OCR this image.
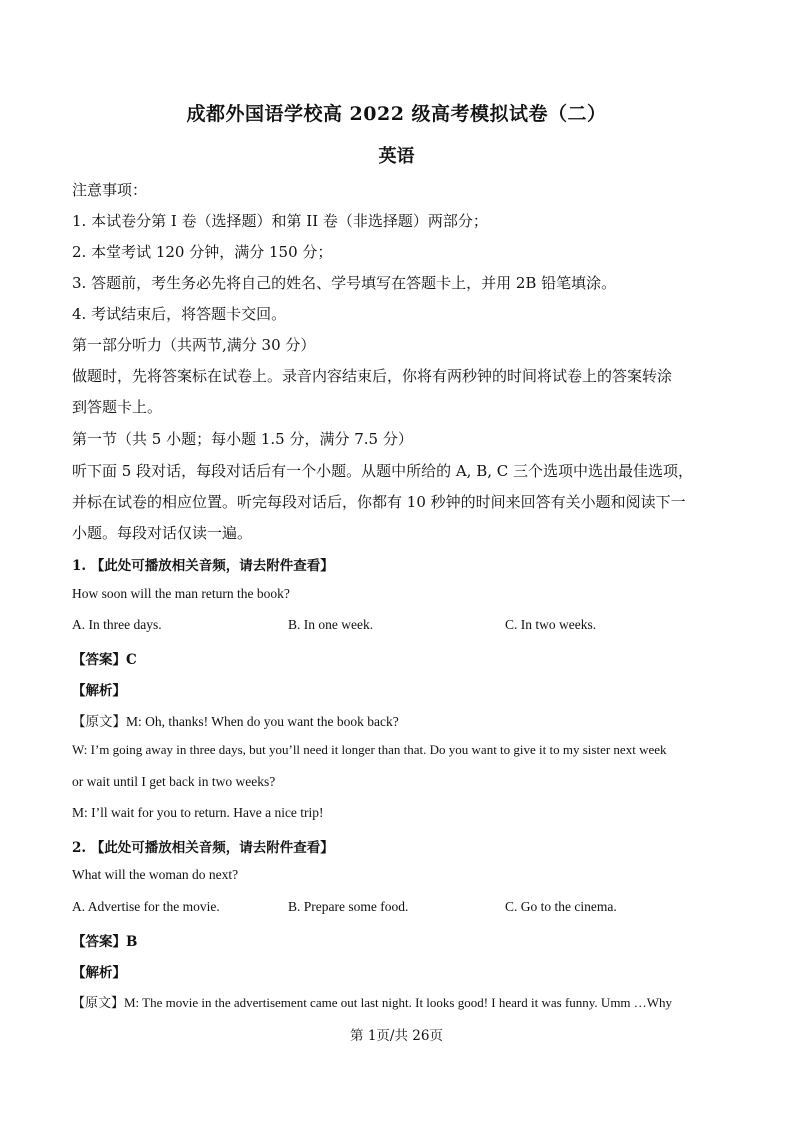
成都外国语学校高 2022 级高考模拟试卷（二）
英语
注意事项：
1. 本试卷分第 I 卷（选择题）和第 II 卷（非选择题）两部分；
2. 本堂考试 120 分钟，满分 150 分；
3. 答题前，考生务必先将自己的姓名、学号填写在答题卡上，并用 2B 铅笔填涂。
4. 考试结束后，将答题卡交回。
第一部分听力（共两节,满分 30 分）
做题时，先将答案标在试卷上。录音内容结束后，你将有两秒钟的时间将试卷上的答案转涂
到答题卡上。
第一节（共 5 小题；每小题 1.5 分，满分 7.5 分）
听下面 5 段对话，每段对话后有一个小题。从题中所给的 A, B, C 三个选项中选出最佳选项，
并标在试卷的相应位置。听完每段对话后，你都有 10 秒钟的时间来回答有关小题和阅读下一
小题。每段对话仅读一遍。
1. 【此处可播放相关音频，请去附件查看】
How soon will the man return the book?
A. In three days.	B. In one week.	C. In two weeks.
【答案】C
【解析】
【原文】M: Oh, thanks! When do you want the book back?
W: I’m going away in three days, but you’ll need it longer than that. Do you want to give it to my sister next week
or wait until I get back in two weeks?
M: I’ll wait for you to return. Have a nice trip!
2. 【此处可播放相关音频，请去附件查看】
What will the woman do next?
A. Advertise for the movie.	B. Prepare some food.	C. Go to the cinema.
【答案】B
【解析】
【原文】M: The movie in the advertisement came out last night. It looks good! I heard it was funny. Umm …Why
第 1页/共 26页
